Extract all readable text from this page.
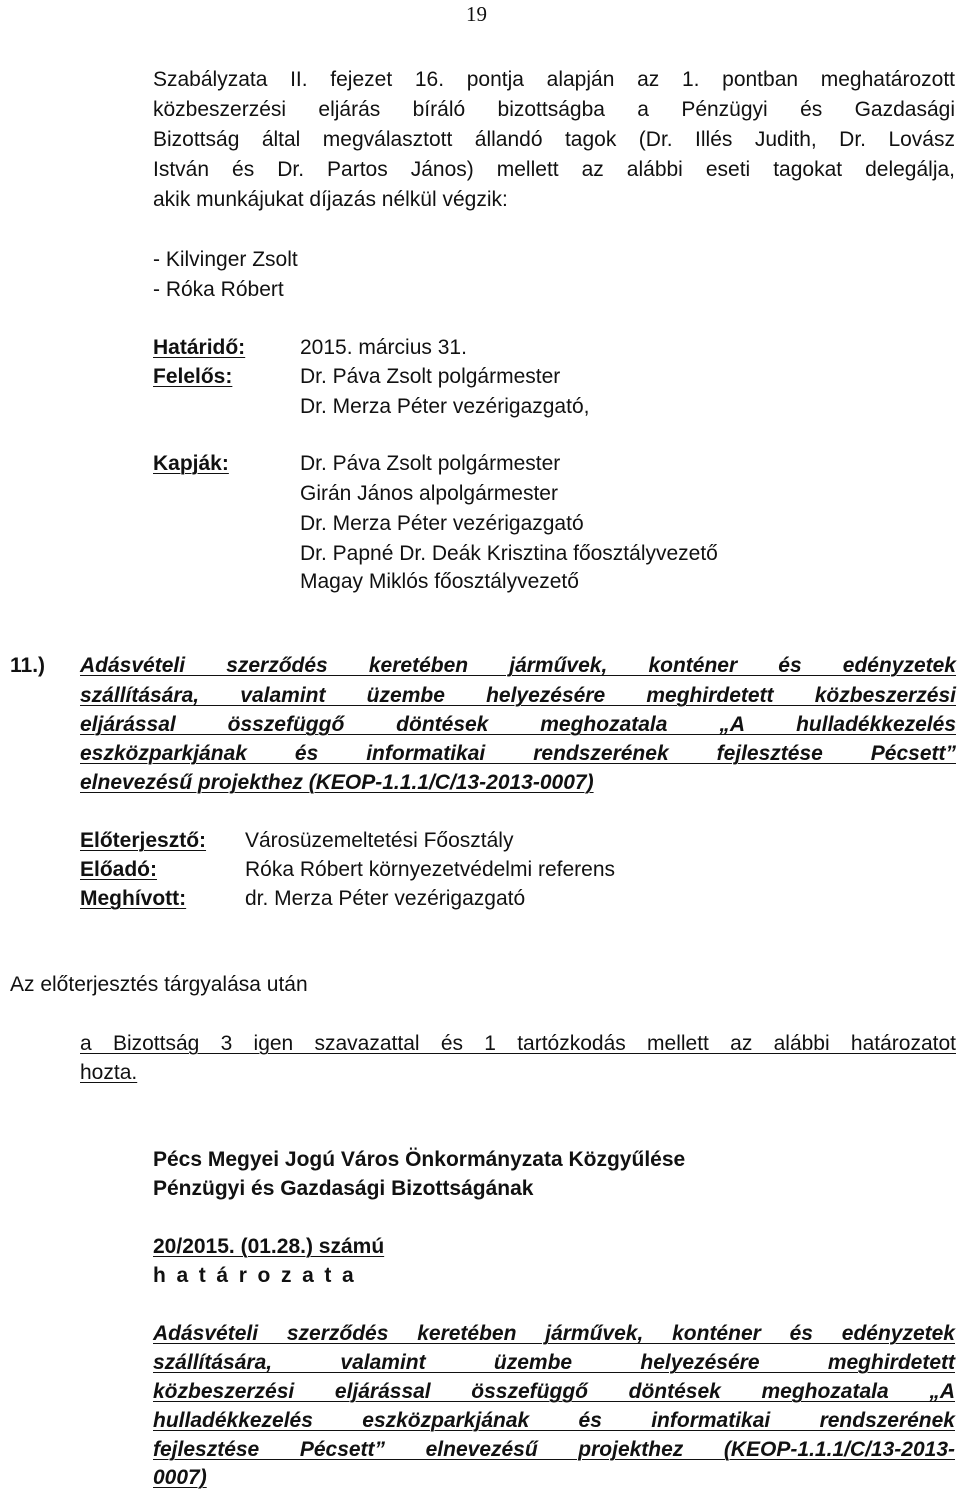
19
Szabályzata II. fejezet 16. pontja alapján az 1. pontban meghatározott
közbeszerzési eljárás bíráló bizottságba a Pénzügyi és Gazdasági
Bizottság által megválasztott állandó tagok (Dr. Illés Judith, Dr. Lovász
István és Dr. Partos János) mellett az alábbi eseti tagokat delegálja,
akik munkájukat díjazás nélkül végzik:
- Kilvinger Zsolt
- Róka Róbert
Határidő:	2015. március 31.
Felelős:	Dr. Páva Zsolt polgármester
Dr. Merza Péter vezérigazgató,
Kapják:	Dr. Páva Zsolt polgármester
Girán János alpolgármester
Dr. Merza Péter vezérigazgató
Dr. Papné Dr. Deák Krisztina főosztályvezető
Magay Miklós főosztályvezető
11.) Adásvételi szerződés keretében járművek, konténer és edényzetek
szállítására, valamint üzembe helyezésére meghirdetett közbeszerzési
eljárással összefüggő döntések meghozatala „A hulladékkezelés
eszközparkjának és informatikai rendszerének fejlesztése Pécsett”
elnevezésű projekthez (KEOP-1.1.1/C/13-2013-0007)
Előterjesztő: Városüzemeltetési Főosztály
Előadó:	Róka Róbert környezetvédelmi referens
Meghívott:	dr. Merza Péter vezérigazgató
Az előterjesztés tárgyalása után
a Bizottság 3 igen szavazattal és 1 tartózkodás mellett az alábbi határozatot
hozta.
Pécs Megyei Jogú Város Önkormányzata Közgyűlése
Pénzügyi és Gazdasági Bizottságának
20/2015. (01.28.) számú
h a t á r o z a t a
Adásvételi szerződés keretében járművek, konténer és edényzetek
szállítására, valamint üzembe helyezésére meghirdetett
közbeszerzési eljárással összefüggő döntések meghozatala „A
hulladékkezelés eszközparkjának és informatikai rendszerének
fejlesztése Pécsett” elnevezésű projekthez (KEOP-1.1.1/C/13-2013-
0007)
